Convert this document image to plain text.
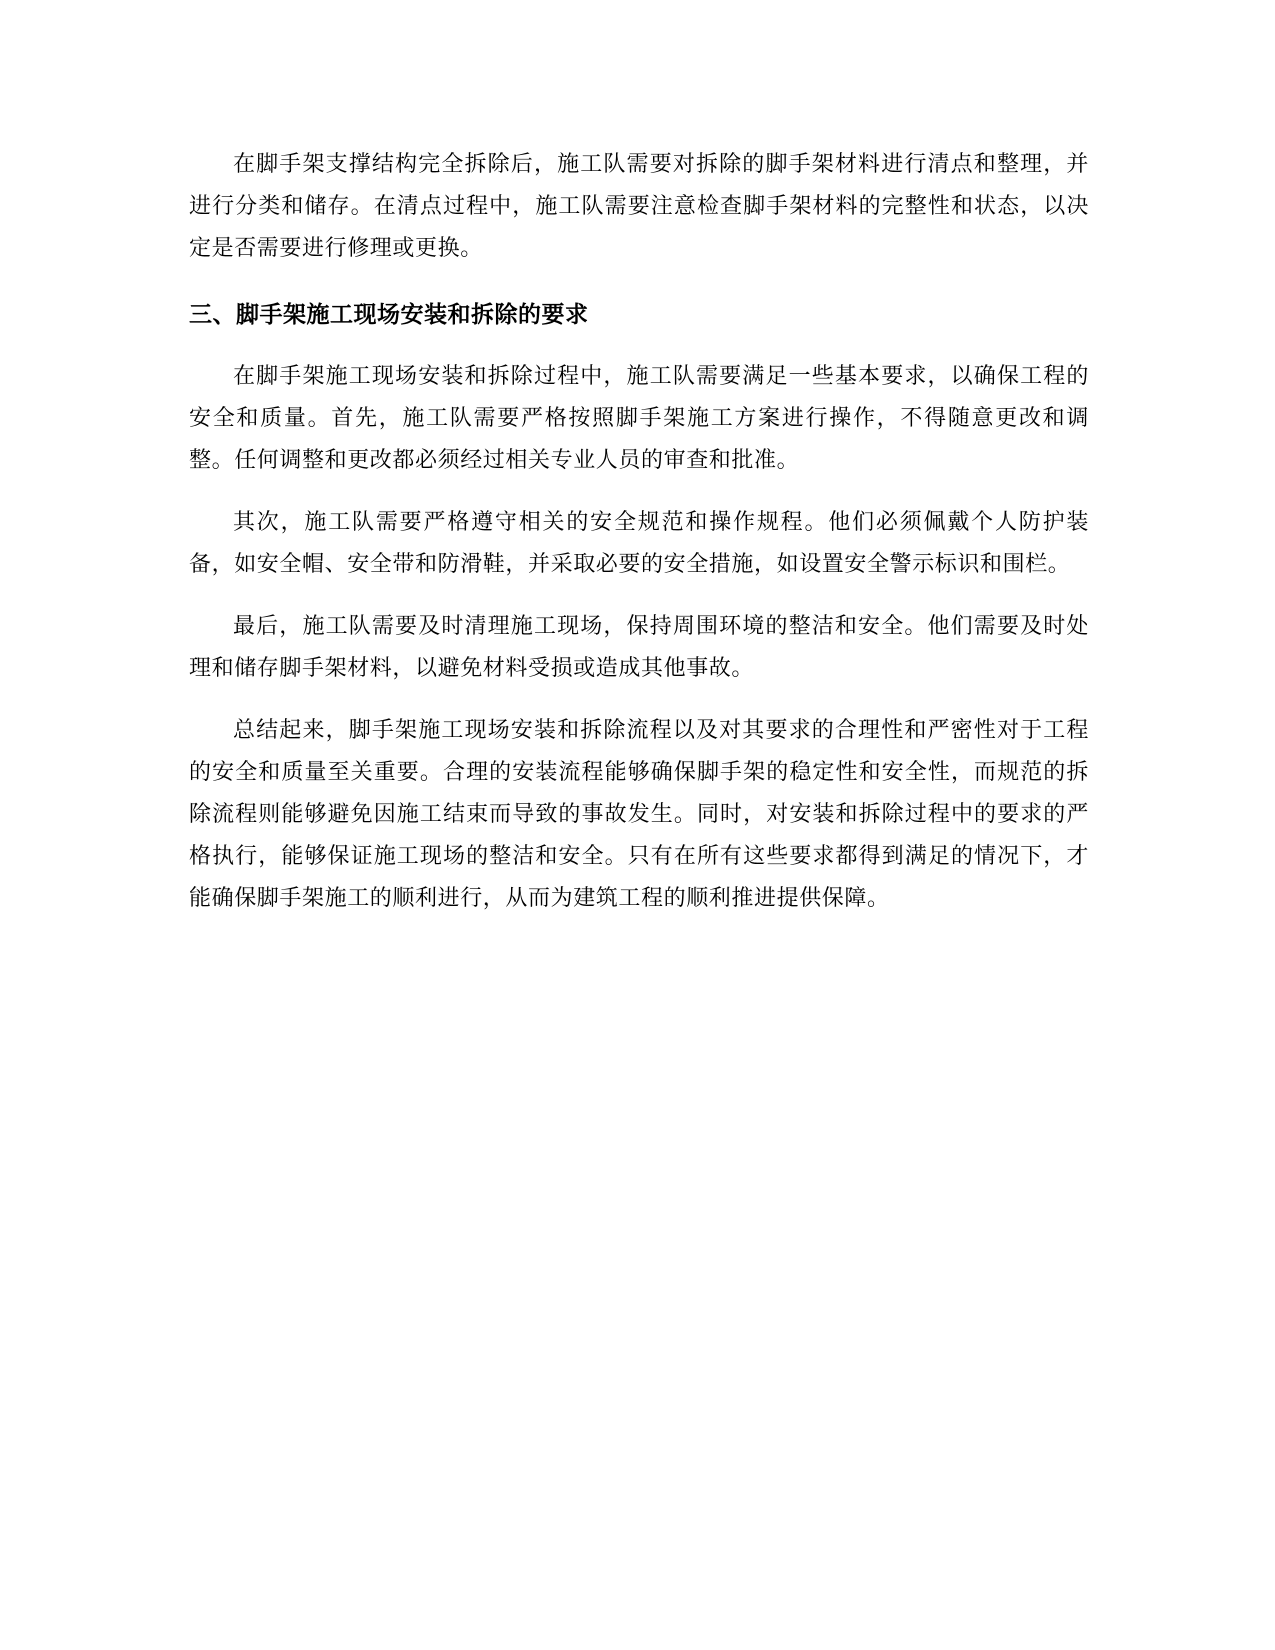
在脚手架支撑结构完全拆除后，施工队需要对拆除的脚手架材料进行清点和整理，并进行分类和储存。在清点过程中，施工队需要注意检查脚手架材料的完整性和状态，以决定是否需要进行修理或更换。

三、脚手架施工现场安装和拆除的要求

在脚手架施工现场安装和拆除过程中，施工队需要满足一些基本要求，以确保工程的安全和质量。首先，施工队需要严格按照脚手架施工方案进行操作，不得随意更改和调整。任何调整和更改都必须经过相关专业人员的审查和批准。

其次，施工队需要严格遵守相关的安全规范和操作规程。他们必须佩戴个人防护装备，如安全帽、安全带和防滑鞋，并采取必要的安全措施，如设置安全警示标识和围栏。

最后，施工队需要及时清理施工现场，保持周围环境的整洁和安全。他们需要及时处理和储存脚手架材料，以避免材料受损或造成其他事故。

总结起来，脚手架施工现场安装和拆除流程以及对其要求的合理性和严密性对于工程的安全和质量至关重要。合理的安装流程能够确保脚手架的稳定性和安全性，而规范的拆除流程则能够避免因施工结束而导致的事故发生。同时，对安装和拆除过程中的要求的严格执行，能够保证施工现场的整洁和安全。只有在所有这些要求都得到满足的情况下，才能确保脚手架施工的顺利进行，从而为建筑工程的顺利推进提供保障。
